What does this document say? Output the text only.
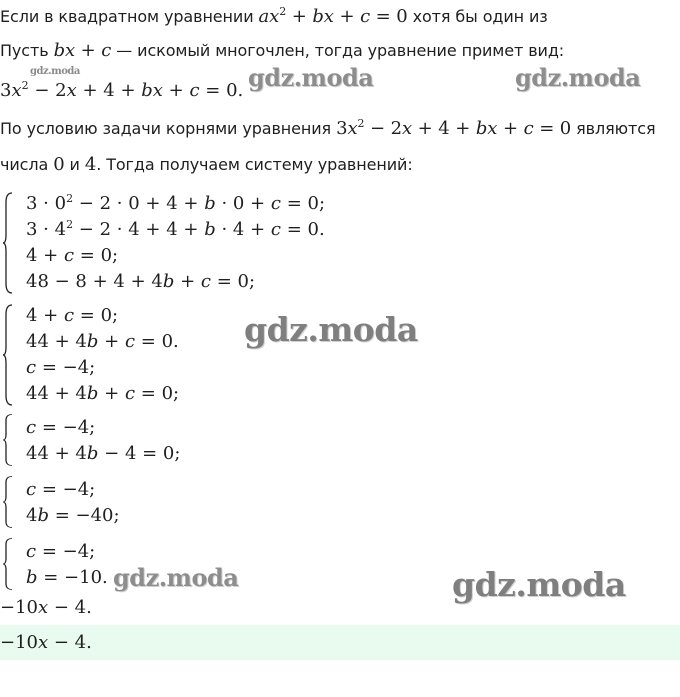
Если в квадратном уравнении $ax^2$ + bx + c = 0 хотя бы один из
Пусть bx + c — искомый многочлен, тогда уравнение примет вид:
$3x^2 - 2x + 4$ + bx + c = 0.
По условию задачи корнями уравнения $3x^2 - 2x + 4$ + bx + c = 0 являются
числа 0 и 4. Тогда получаем систему уравнений:
$3 \cdot 0^2 - 2 \cdot 0 + 4 + b \cdot 0 + c = 0$;
$3 \cdot 4^2 - 2 \cdot 4 + 4 + b \cdot 4 + c = 0$.
4 + c = 0;
48 − 8 + 4 + 4b + c = 0;
4 + c = 0;
44 + 4b + c = 0.
c = −4;
44 + 4b + c = 0;
c = −4;
44 + 4b − 4 = 0;
c = −4;
4b = −40;
c = −4;
b = −10.
−10x − 4.
−10x − 4.
gdz.moda	gdz.moda	gdz.moda
gdz.moda
gdz.moda	gdz.moda
